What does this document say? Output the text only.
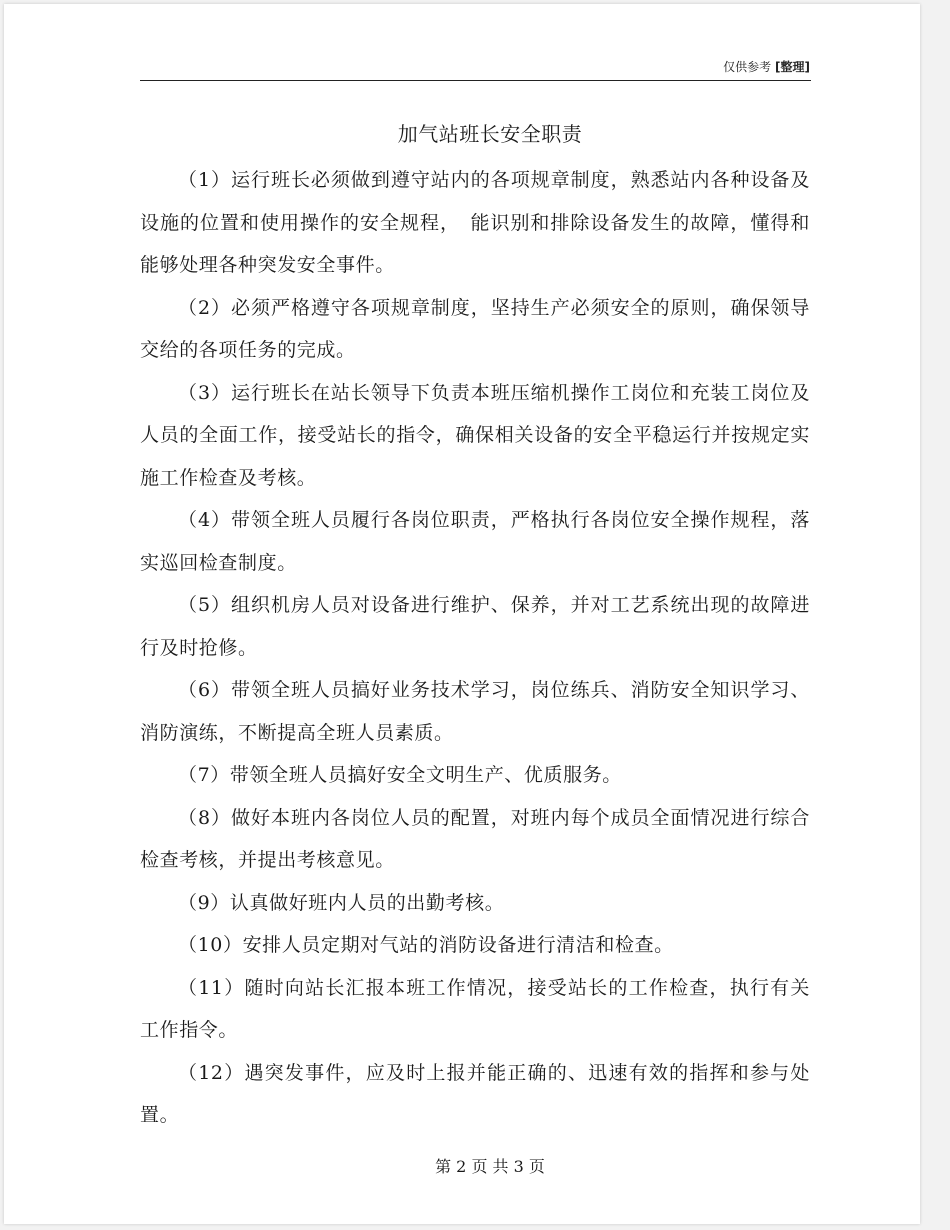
仅供参考 [整理]
加气站班长安全职责

（1）运行班长必须做到遵守站内的各项规章制度，熟悉站内各种设备及设施的位置和使用操作的安全规程，　能识别和排除设备发生的故障，懂得和能够处理各种突发安全事件。

（2）必须严格遵守各项规章制度，坚持生产必须安全的原则，确保领导交给的各项任务的完成。

（3）运行班长在站长领导下负责本班压缩机操作工岗位和充装工岗位及人员的全面工作，接受站长的指令，确保相关设备的安全平稳运行并按规定实施工作检查及考核。

（4）带领全班人员履行各岗位职责，严格执行各岗位安全操作规程，落实巡回检查制度。

（5）组织机房人员对设备进行维护、保养，并对工艺系统出现的故障进行及时抢修。

（6）带领全班人员搞好业务技术学习，岗位练兵、消防安全知识学习、消防演练，不断提高全班人员素质。

（7）带领全班人员搞好安全文明生产、优质服务。

（8）做好本班内各岗位人员的配置，对班内每个成员全面情况进行综合检查考核，并提出考核意见。

（9）认真做好班内人员的出勤考核。

（10）安排人员定期对气站的消防设备进行清洁和检查。

（11）随时向站长汇报本班工作情况，接受站长的工作检查，执行有关工作指令。

（12）遇突发事件，应及时上报并能正确的、迅速有效的指挥和参与处置。

第 2 页 共 3 页
